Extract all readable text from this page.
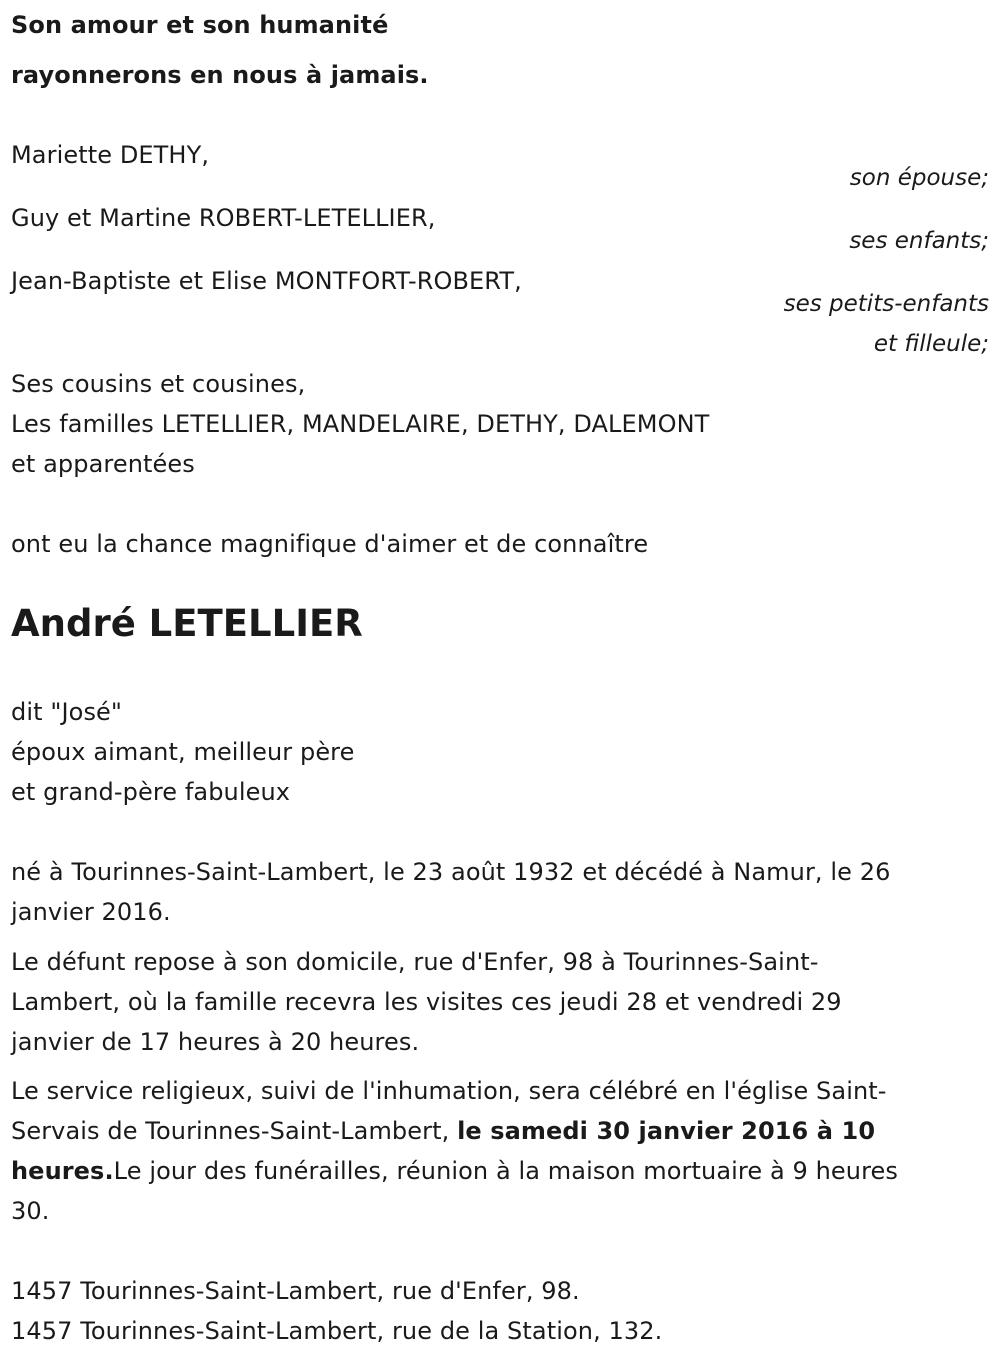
Son amour et son humanité
rayonnerons en nous à jamais.
Mariette DETHY,
son épouse;
Guy et Martine ROBERT-LETELLIER,
ses enfants;
Jean-Baptiste et Elise MONTFORT-ROBERT,
ses petits-enfants
et filleule;
Ses cousins et cousines,
Les familles LETELLIER, MANDELAIRE, DETHY, DALEMONT
et apparentées
ont eu la chance magnifique d'aimer et de connaître
André LETELLIER
dit "José"
époux aimant, meilleur père
et grand-père fabuleux
né à Tourinnes-Saint-Lambert, le 23 août 1932 et décédé à Namur, le 26
janvier 2016.
Le défunt repose à son domicile, rue d'Enfer, 98 à Tourinnes-Saint-
Lambert, où la famille recevra les visites ces jeudi 28 et vendredi 29
janvier de 17 heures à 20 heures.
Le service religieux, suivi de l'inhumation, sera célébré en l'église Saint-
Servais de Tourinnes-Saint-Lambert, le samedi 30 janvier 2016 à 10
heures.Le jour des funérailles, réunion à la maison mortuaire à 9 heures
30.
1457 Tourinnes-Saint-Lambert, rue d'Enfer, 98.
1457 Tourinnes-Saint-Lambert, rue de la Station, 132.
